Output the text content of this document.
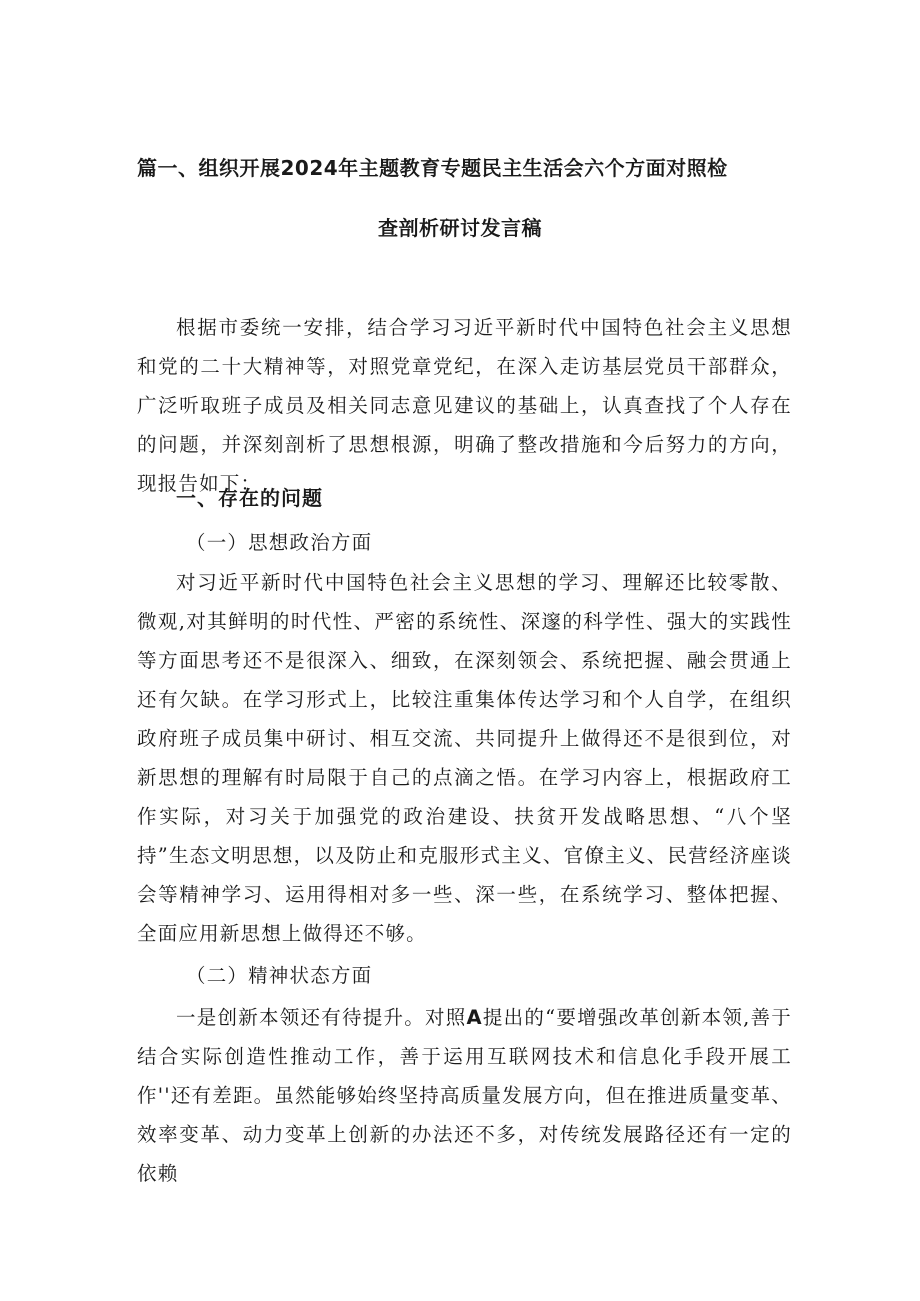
篇一、组织开展2024年主题教育专题民主生活会六个方面对照检
查剖析研讨发言稿

根据市委统一安排，结合学习习近平新时代中国特色社会主义思想和党的二十大精神等，对照党章党纪，在深入走访基层党员干部群众，广泛听取班子成员及相关同志意见建议的基础上，认真查找了个人存在的问题，并深刻剖析了思想根源，明确了整改措施和今后努力的方向，现报告如下：

一、存在的问题
（一）思想政治方面

对习近平新时代中国特色社会主义思想的学习、理解还比较零散、微观,对其鲜明的时代性、严密的系统性、深邃的科学性、强大的实践性等方面思考还不是很深入、细致，在深刻领会、系统把握、融会贯通上还有欠缺。在学习形式上，比较注重集体传达学习和个人自学，在组织政府班子成员集中研讨、相互交流、共同提升上做得还不是很到位，对新思想的理解有时局限于自己的点滴之悟。在学习内容上，根据政府工作实际，对习关于加强党的政治建设、扶贫开发战略思想、“八个坚持”生态文明思想，以及防止和克服形式主义、官僚主义、民营经济座谈会等精神学习、运用得相对多一些、深一些，在系统学习、整体把握、全面应用新思想上做得还不够。

（二）精神状态方面

一是创新本领还有待提升。对照A提出的“要增强改革创新本领,善于结合实际创造性推动工作，善于运用互联网技术和信息化手段开展工作''还有差距。虽然能够始终坚持高质量发展方向，但在推进质量变革、效率变革、动力变革上创新的办法还不多，对传统发展路径还有一定的依赖
